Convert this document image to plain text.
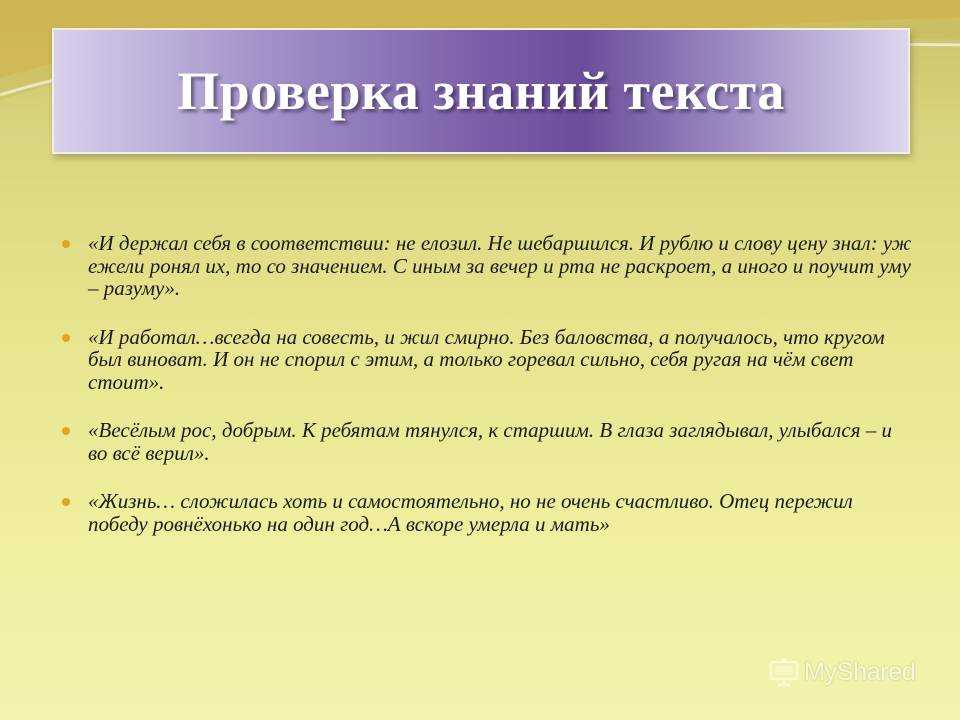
Проверка знаний текста
«И держал себя в соответствии: не елозил. Не шебаршился. И рублю и слову цену знал: уж ежели ронял их, то со значением. С иным за вечер и рта не раскроет, а иного и поучит уму – разуму».
«И работал…всегда на совесть, и жил смирно. Без баловства, а получалось, что кругом был виноват. И он не спорил с этим, а только горевал сильно, себя ругая на чём свет стоит».
«Весёлым рос, добрым. К ребятам тянулся, к старшим. В глаза заглядывал, улыбался – и во всё верил».
«Жизнь… сложилась хоть и самостоятельно, но не очень счастливо. Отец пережил победу ровнёхонько на один год…А вскоре умерла и мать»
MyShared
